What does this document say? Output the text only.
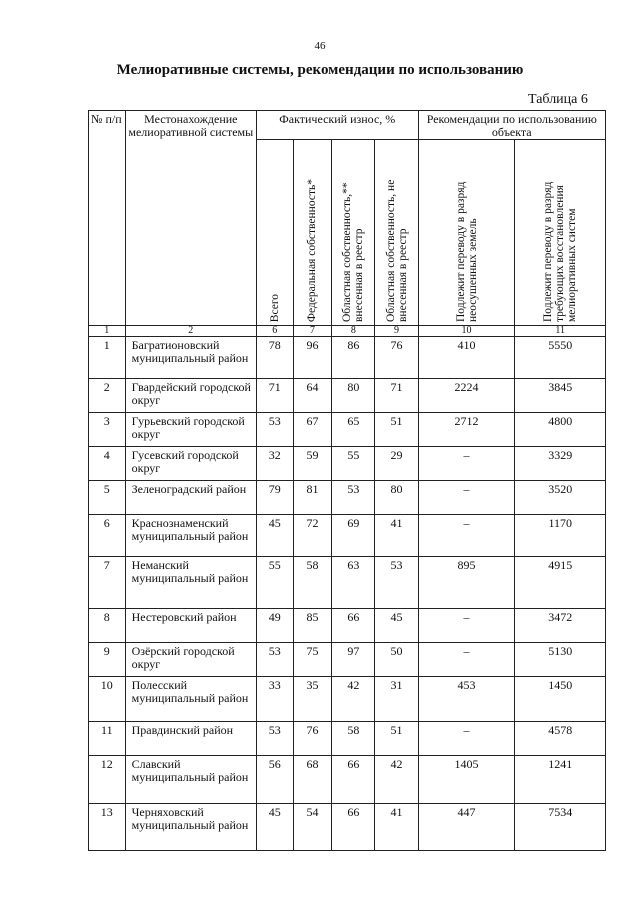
46
Мелиоративные системы, рекомендации по использованию
Таблица 6
№ п/п	Местонахождение мелиоративной системы	Фактический износ, %				Рекомендации по использованию объекта	
		Всего	Федеральная собственность*	Областная собственность,** внесенная в реестр	Областная собственность, не внесенная в реестр	Подлежит переводу в разряд неосушенных земель	Подлежит переводу в разряд требующих восстановления мелиоративных систем
1	2	6	7	8	9	10	11
1	Багратионовский муниципальный район	78	96	86	76	410	5550
2	Гвардейский городской округ	71	64	80	71	2224	3845
3	Гурьевский городской округ	53	67	65	51	2712	4800
4	Гусевский городской округ	32	59	55	29	–	3329
5	Зеленоградский район	79	81	53	80	–	3520
6	Краснознаменский муниципальный район	45	72	69	41	–	1170
7	Неманский муниципальный район	55	58	63	53	895	4915
8	Нестеровский район	49	85	66	45	–	3472
9	Озёрский городской округ	53	75	97	50	–	5130
10	Полесский муниципальный район	33	35	42	31	453	1450
11	Правдинский район	53	76	58	51	–	4578
12	Славский муниципальный район	56	68	66	42	1405	1241
13	Черняховский муниципальный район	45	54	66	41	447	7534
